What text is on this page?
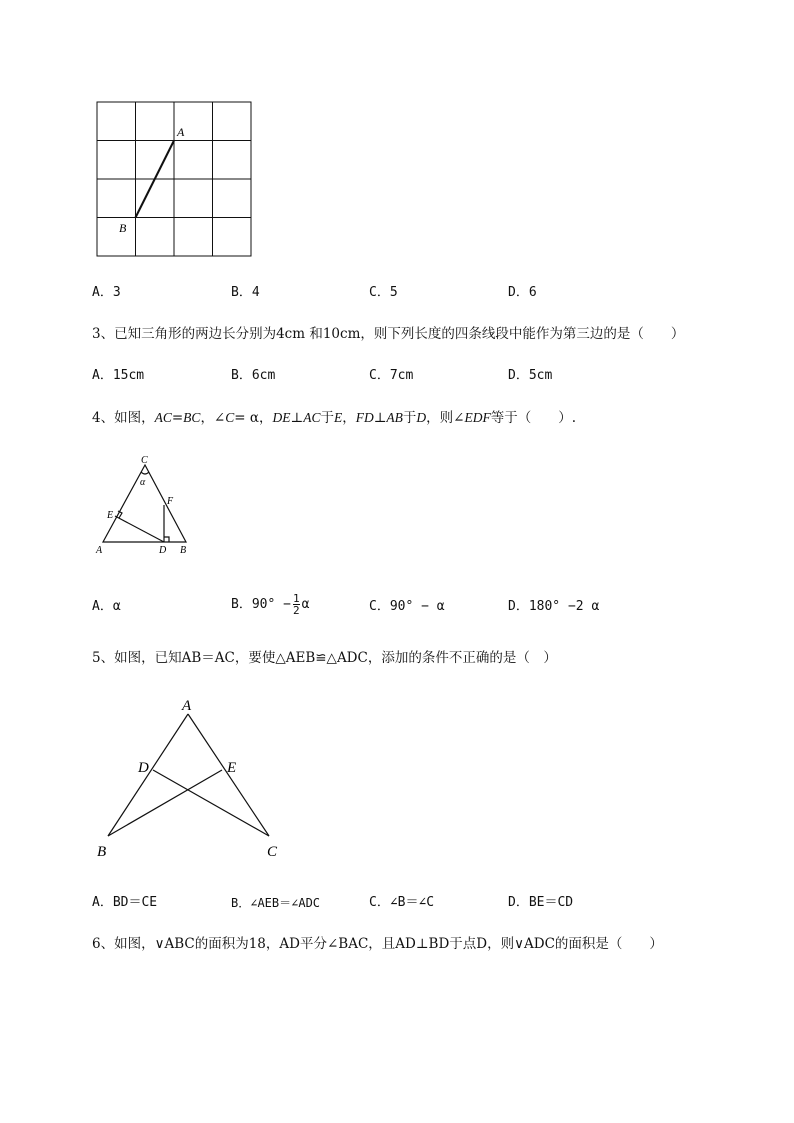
A
B
A．3	B．4	C．5	D．6
3、已知三角形的两边长分别为4cm 和10cm，则下列长度的四条线段中能作为第三边的是（　　）
A．15cm	B．6cm	C．7cm	D．5cm
4、如图，AC=BC，∠C= α，DE⊥AC于E，FD⊥AB于D，则∠EDF等于（　　）.
C
α
F
E
A	D B
A．α	B．$90^\circ - \frac{1}{2}$ α	C．90° − α	D．180° −2 α
5、如图，已知AB＝AC，要使△AEB≌△ADC，添加的条件不正确的是（　）
A
D	E
B	C
A．BD＝CE	B．∠AEB＝∠ADC	C．∠B＝∠C	D．BE＝CD
6、如图，∨ABC的面积为18，AD平分∠BAC，且AD⊥BD于点D，则∨ADC的面积是（　　）
